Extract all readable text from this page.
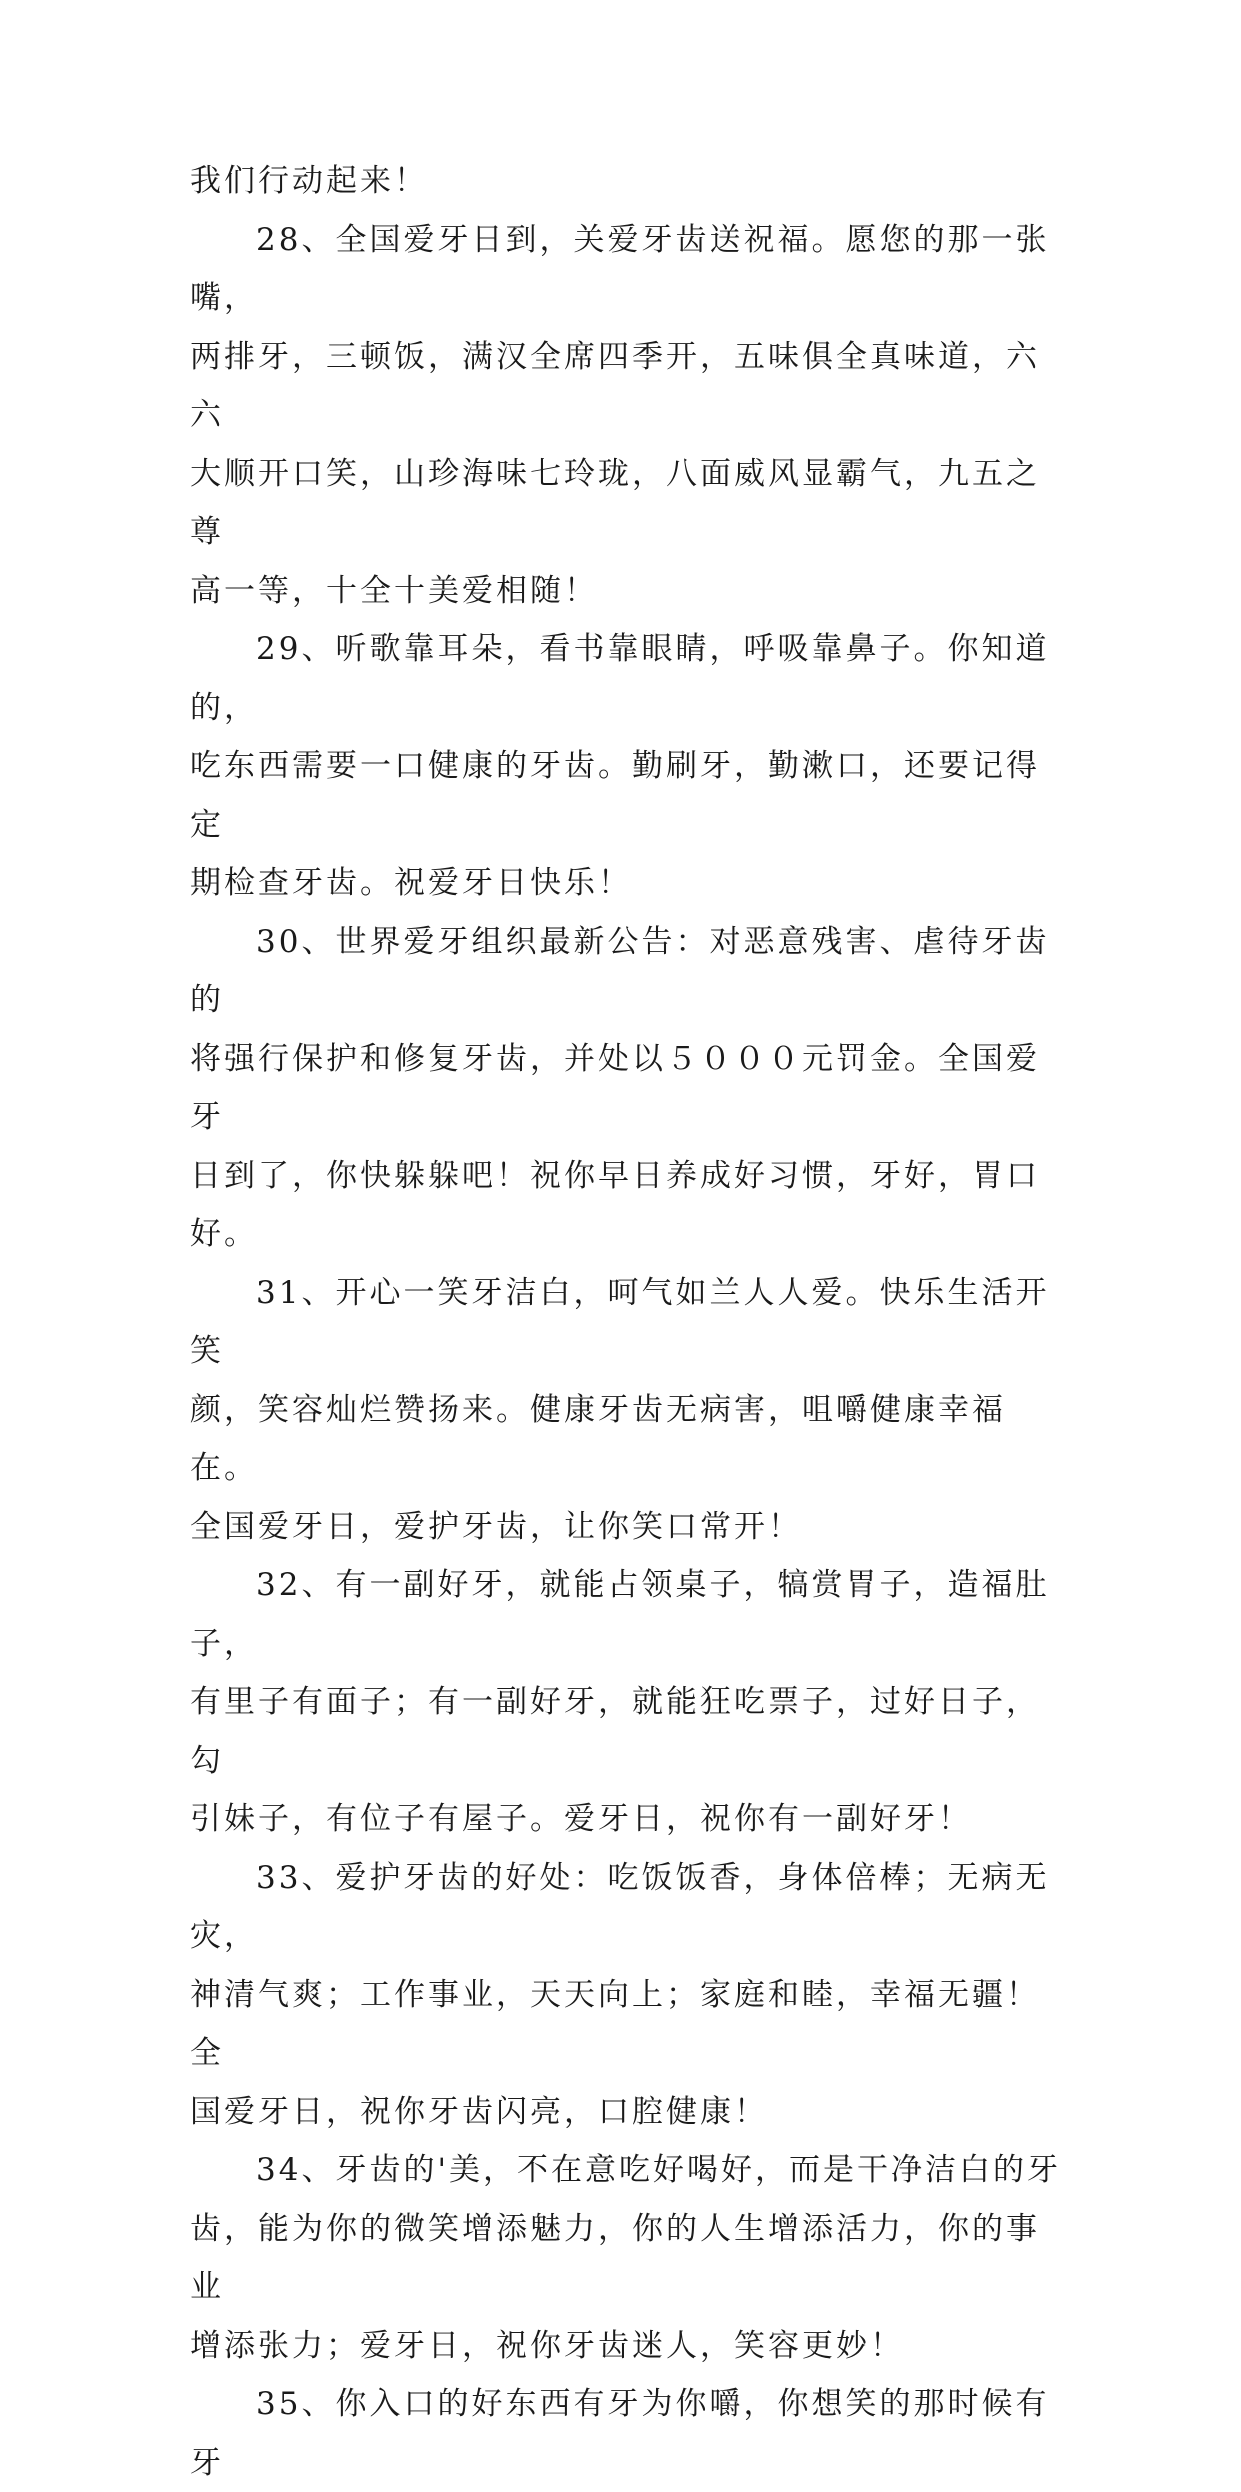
我们行动起来！

28、全国爱牙日到，关爱牙齿送祝福。愿您的那一张嘴，
两排牙，三顿饭，满汉全席四季开，五味俱全真味道，六六
大顺开口笑，山珍海味七玲珑，八面威风显霸气，九五之尊
高一等，十全十美爱相随！

29、听歌靠耳朵，看书靠眼睛，呼吸靠鼻子。你知道的，
吃东西需要一口健康的牙齿。勤刷牙，勤漱口，还要记得定
期检查牙齿。祝爱牙日快乐！

30、世界爱牙组织最新公告：对恶意残害、虐待牙齿的
将强行保护和修复牙齿，并处以５０００元罚金。全国爱牙
日到了，你快躲躲吧！祝你早日养成好习惯，牙好，胃口好。

31、开心一笑牙洁白，呵气如兰人人爱。快乐生活开笑
颜，笑容灿烂赞扬来。健康牙齿无病害，咀嚼健康幸福在。
全国爱牙日，爱护牙齿，让你笑口常开！

32、有一副好牙，就能占领桌子，犒赏胃子，造福肚子，
有里子有面子；有一副好牙，就能狂吃票子，过好日子，勾
引妹子，有位子有屋子。爱牙日，祝你有一副好牙！

33、爱护牙齿的好处：吃饭饭香，身体倍棒；无病无灾，
神清气爽；工作事业，天天向上；家庭和睦，幸福无疆！全
国爱牙日，祝你牙齿闪亮，口腔健康！

34、牙齿的'美，不在意吃好喝好，而是干净洁白的牙
齿，能为你的微笑增添魅力，你的人生增添活力，你的事业
增添张力；爱牙日，祝你牙齿迷人，笑容更妙！

35、你入口的好东西有牙为你嚼，你想笑的那时候有牙
